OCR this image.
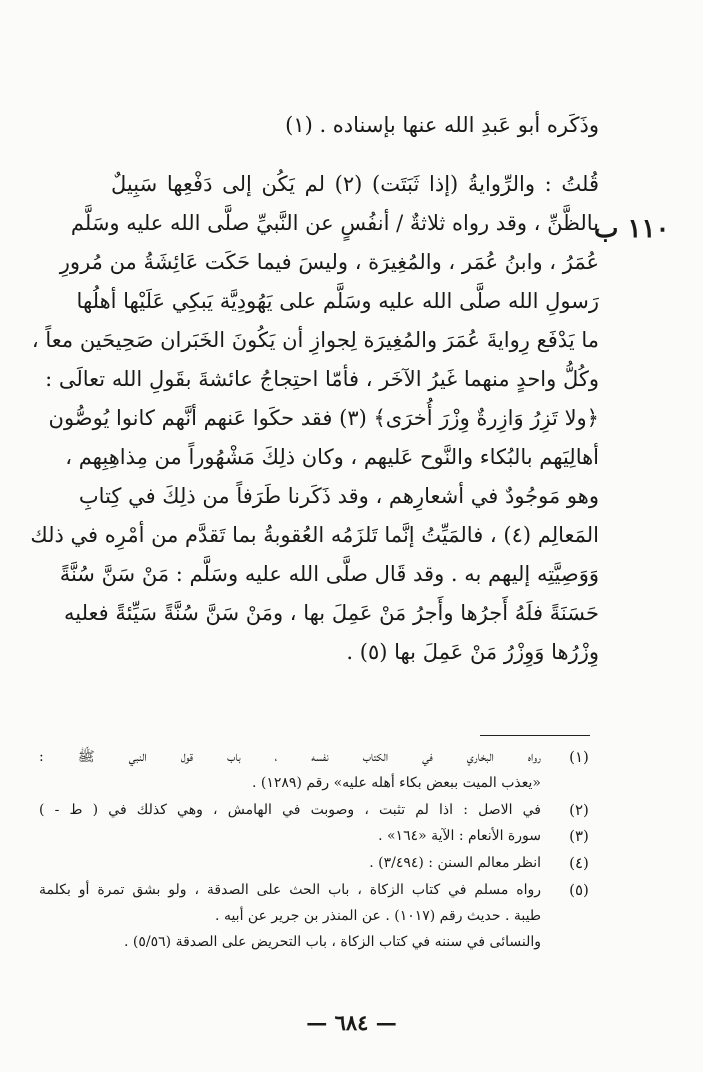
١١٠ ب
وذَكَره أبو عَبدِ الله عنها بإسناده . (١)
قُلتُ : والرِّوايةُ (إذا ثَبَتَت) (٢) لم يَكُن إلى دَفْعِها سَبِيلٌ
بالظَّنِّ ، وقد رواه ثلاثةٌ / أنفُسٍ عن النَّبيِّ صلَّى الله عليه وسَلَّم
عُمَرُ ، وابنُ عُمَر ، والمُغِيرَة ، وليسَ فيما حَكَت عَائِشَةُ من مُرورِ
رَسولِ الله صلَّى الله عليه وسَلَّم على يَهُودِيَّة يَبكِي عَلَيْها أهلُها
ما يَدْفَع رِوايةَ عُمَرَ والمُغِيرَة لِجوازِ أن يَكُونَ الخَبَران صَحِيحَين معاً ،
وكُلُّ واحدٍ منهما غَيرُ الآخَر ، فأمّا احتِجاجُ عائشةَ بقَولِ الله تعالَى :
﴿ولا تَزِرُ وَازِرةٌ وِزْرَ أُخرَى﴾ (٣) فقد حكَوا عَنهم أنَّهم كانوا يُوصُّون
أهالِيَهم بالبُكاء والنَّوح عَليهم ، وكان ذلِكَ مَشْهُوراً من مِذاهِبِهم ،
وهو مَوجُودٌ في أشعارِهم ، وقد ذَكَرنا طَرَفاً من ذلِكَ في كِتابِ
المَعالِم (٤) ، فالمَيِّتُ إنَّما تَلزَمُه العُقوبةُ بما تَقدَّم من أمْرِه في ذلك
وَوَصِيَّتِه إليهم به . وقد قَال صلَّى الله عليه وسَلَّم : مَنْ سَنَّ سُنَّةً
حَسَنَةً فلَهُ أَجرُها وأَجرُ مَنْ عَمِلَ بها ، ومَنْ سَنَّ سُنَّةً سَيِّئةً فعليه
وِزْرُها وَوِزْرُ مَنْ عَمِلَ بها (٥) .
(١)
رواه البخاري في الكتاب نفسه ، باب قول النبي ﷺ :
«يعذب الميت ببعض بكاء أهله عليه» رقم (١٢٨٩) .
(٢)
في الاصل : اذا لم تثبت ، وصوبت في الهامش ، وهي كذلك في ( ط - )
(٣)
سورة الأنعام : الآية «١٦٤» .
(٤)
انظر معالم السنن : (٣/٤٩٤) .
(٥)
رواه مسلم في كتاب الزكاة ، باب الحث على الصدقة ، ولو بشق تمرة أو بكلمة
طيبة . حديث رقم (١٠١٧) . عن المنذر بن جرير عن أبيه .
والنسائى في سننه في كتاب الزكاة ، باب التحريض على الصدقة (٥/٥٦) .
— ٦٨٤ —
